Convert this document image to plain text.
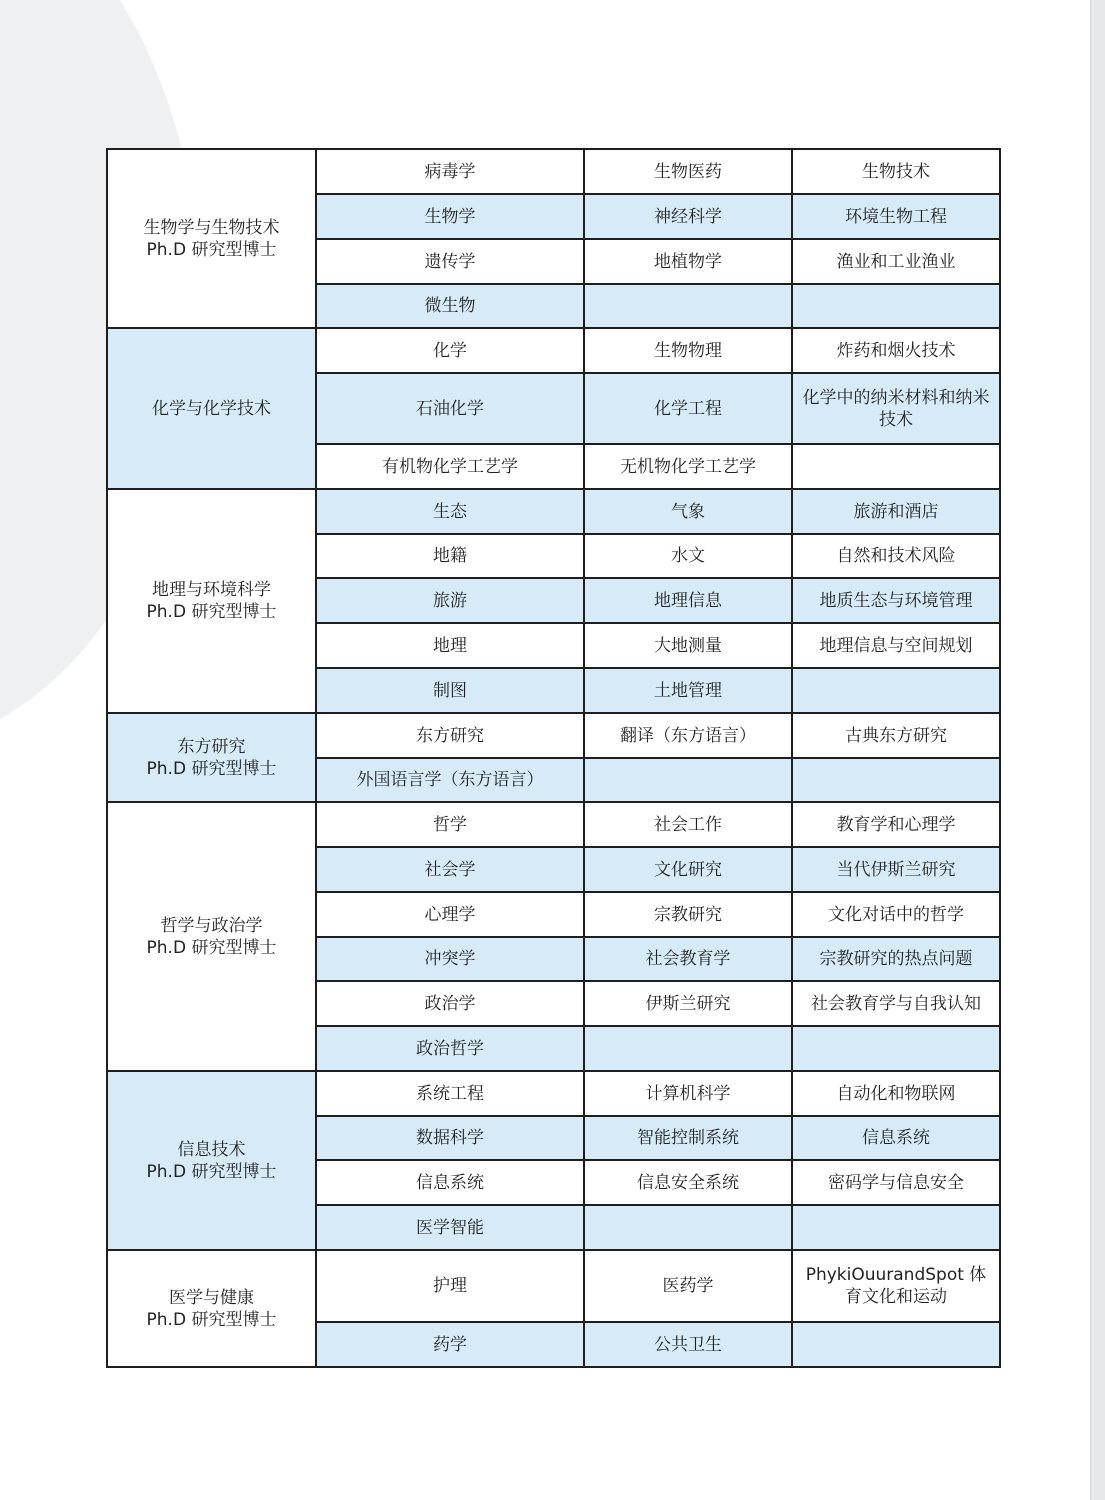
生物学与生物技术
Ph.D 研究型博士	病毒学	生物医药	生物技术
	生物学	神经科学	环境生物工程
	遗传学	地植物学	渔业和工业渔业
	微生物		

化学与化学技术	化学	生物物理	炸药和烟火技术
	石油化学	化学工程	化学中的纳米材料和纳米技术
	有机物化学工艺学	无机物化学工艺学	

地理与环境科学
Ph.D 研究型博士	生态	气象	旅游和酒店
	地籍	水文	自然和技术风险
	旅游	地理信息	地质生态与环境管理
	地理	大地测量	地理信息与空间规划
	制图	土地管理	

东方研究
Ph.D 研究型博士	东方研究	翻译（东方语言）	古典东方研究
	外国语言学（东方语言）		

哲学与政治学
Ph.D 研究型博士	哲学	社会工作	教育学和心理学
	社会学	文化研究	当代伊斯兰研究
	心理学	宗教研究	文化对话中的哲学
	冲突学	社会教育学	宗教研究的热点问题
	政治学	伊斯兰研究	社会教育学与自我认知
	政治哲学		

信息技术
Ph.D 研究型博士	系统工程	计算机科学	自动化和物联网
	数据科学	智能控制系统	信息系统
	信息系统	信息安全系统	密码学与信息安全
	医学智能		

医学与健康
Ph.D 研究型博士	护理	医药学	PhykiOuurandSpot 体育文化和运动
	药学	公共卫生	
